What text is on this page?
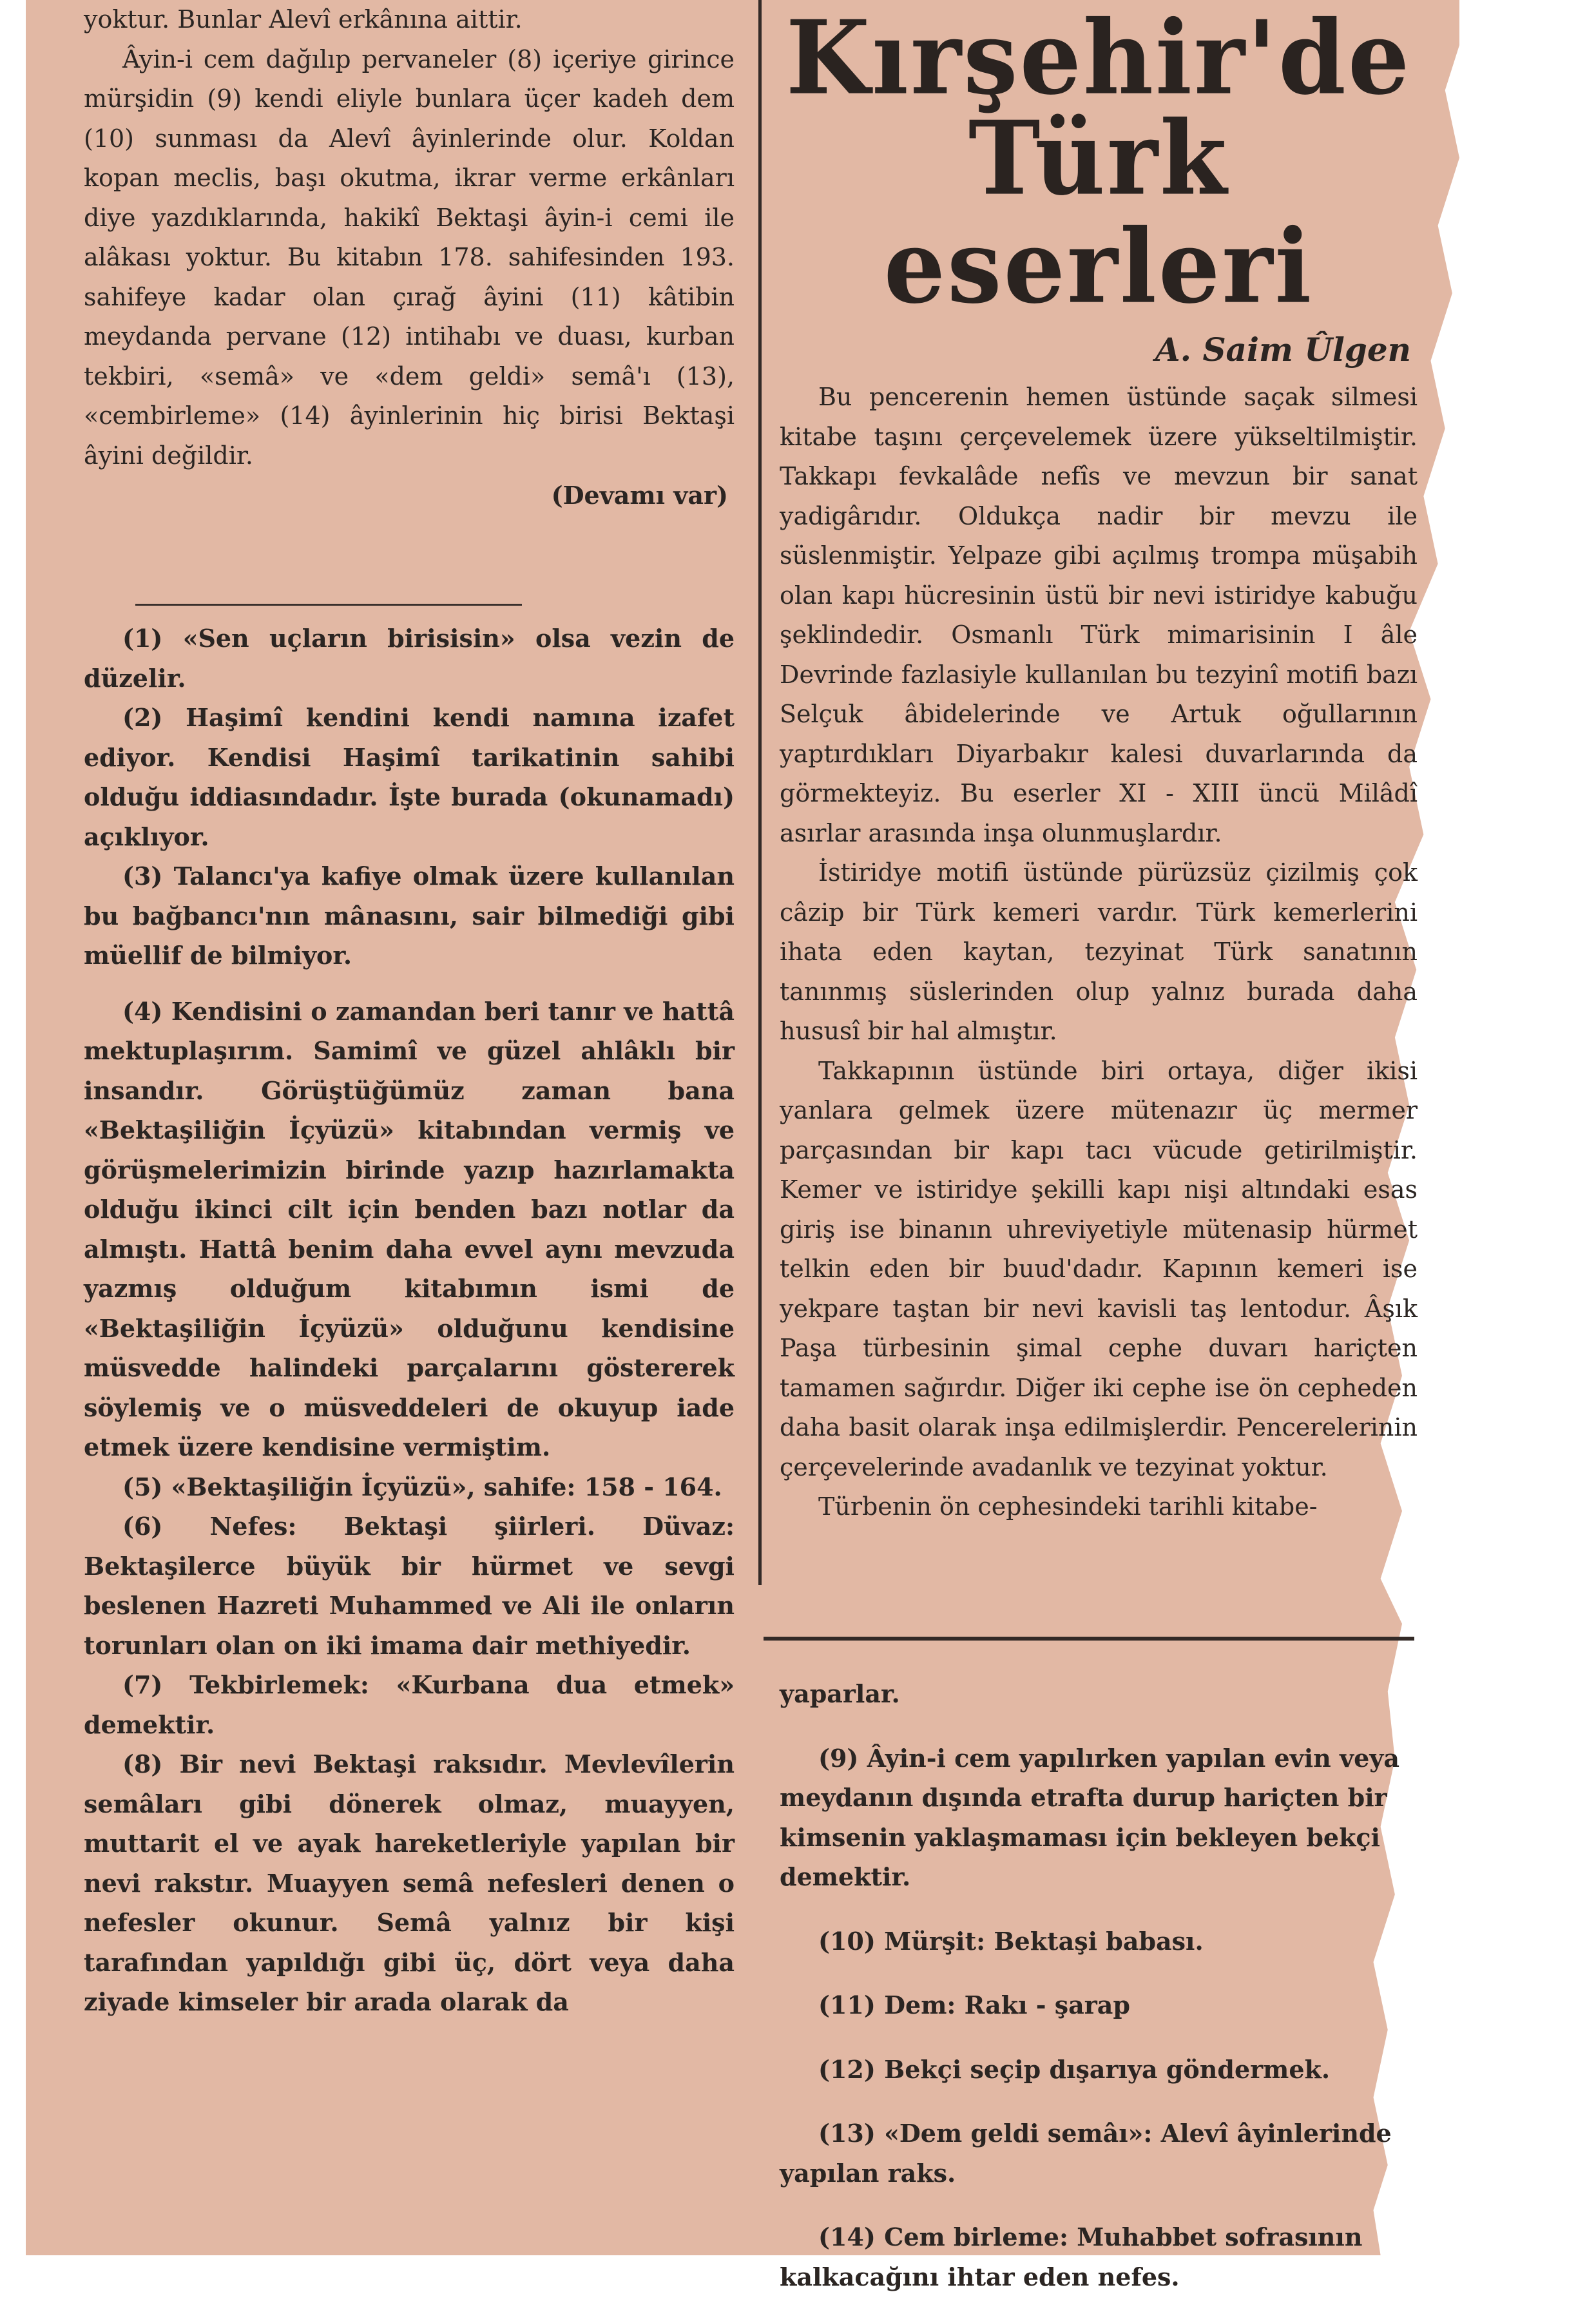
yoktur. Bunlar Alevî erkânına aittir.

Âyin-i cem dağılıp pervaneler (8) içeriye girince mürşidin (9) kendi eliyle bunlara üçer kadeh dem (10) sunması da Alevî âyinlerinde olur. Koldan kopan meclis, başı okutma, ikrar verme erkânları diye yazdıklarında, hakikî Bektaşi âyin-i cemi ile alâkası yoktur. Bu kitabın 178. sahifesinden 193. sahifeye kadar olan çırağ âyini (11) kâtibin meydanda pervane (12) intihabı ve duası, kurban tekbiri, «semâ» ve «dem geldi» semâ'ı (13), «cembirleme» (14) âyinlerinin hiç birisi Bektaşi âyini değildir.

(Devamı var)

(1) «Sen uçların birisisin» olsa vezin de düzelir.

(2) Haşimî kendini kendi namına izafet ediyor. Kendisi Haşimî tarikatinin sahibi olduğu iddiasındadır. İşte burada (okunamadı) açıklıyor.

(3) Talancı'ya kafiye olmak üzere kullanılan bu bağbancı'nın mânasını, sair bilmediği gibi müellif de bilmiyor.

(4) Kendisini o zamandan beri tanır ve hattâ mektuplaşırım. Samimî ve güzel ahlâklı bir insandır. Görüştüğümüz zaman bana «Bektaşiliğin İçyüzü» kitabından vermiş ve görüşmelerimizin birinde yazıp hazırlamakta olduğu ikinci cilt için benden bazı notlar da almıştı. Hattâ benim daha evvel aynı mevzuda yazmış olduğum kitabımın ismi de «Bektaşiliğin İçyüzü» olduğunu kendisine müsvedde halindeki parçalarını göstererek söylemiş ve o müsveddeleri de okuyup iade etmek üzere kendisine vermiştim.

(5) «Bektaşiliğin İçyüzü», sahife: 158 - 164.

(6) Nefes: Bektaşi şiirleri. Düvaz: Bektaşilerce büyük bir hürmet ve sevgi beslenen Hazreti Muhammed ve Ali ile onların torunları olan on iki imama dair methiyedir.

(7) Tekbirlemek: «Kurbana dua etmek» demektir.

(8) Bir nevi Bektaşi raksıdır. Mevlevîlerin semâları gibi dönerek olmaz, muayyen, muttarit el ve ayak hareketleriyle yapılan bir nevi rakstır. Muayyen semâ nefesleri denen o nefesler okunur. Semâ yalnız bir kişi tarafından yapıldığı gibi üç, dört veya daha ziyade kimseler bir arada olarak da

Kırşehir'de
Türk eserleri
A. Saim Ûlgen

Bu pencerenin hemen üstünde saçak silmesi kitabe taşını çerçevelemek üzere yükseltilmiştir. Takkapı fevkalâde nefîs ve mevzun bir sanat yadigârıdır. Oldukça nadir bir mevzu ile süslenmiştir. Yelpaze gibi açılmış trompa müşabih olan kapı hücresinin üstü bir nevi istiridye kabuğu şeklindedir. Osmanlı Türk mimarisinin I âle Devrinde fazlasiyle kullanılan bu tezyinî motifi bazı Selçuk âbidelerinde ve Artuk oğullarının yaptırdıkları Diyarbakır kalesi duvarlarında da görmekteyiz. Bu eserler XI - XIII üncü Milâdî asırlar arasında inşa olunmuşlardır.

İstiridye motifi üstünde pürüzsüz çizilmiş çok câzip bir Türk kemeri vardır. Türk kemerlerini ihata eden kaytan, tezyinat Türk sanatının tanınmış süslerinden olup yalnız burada daha hususî bir hal almıştır.

Takkapının üstünde biri ortaya, diğer ikisi yanlara gelmek üzere mütenazır üç mermer parçasından bir kapı tacı vücude getirilmiştir. Kemer ve istiridye şekilli kapı nişi altındaki esas giriş ise binanın uhreviyetiyle mütenasip hürmet telkin eden bir buud'dadır. Kapının kemeri ise yekpare taştan bir nevi kavisli taş lentodur. Âşık Paşa türbesinin şimal cephe duvarı hariçten tamamen sağırdır. Diğer iki cephe ise ön cepheden daha basit olarak inşa edilmişlerdir. Pencerelerinin çerçevelerinde avadanlık ve tezyinat yoktur.

Türbenin ön cephesindeki tarihli kitabe-

yaparlar.

(9) Âyin-i cem yapılırken yapılan evin veya meydanın dışında etrafta durup hariçten bir kimsenin yaklaşmaması için bekleyen bekçi demektir.

(10) Mürşit: Bektaşi babası.

(11) Dem: Rakı - şarap

(12) Bekçi seçip dışarıya göndermek.

(13) «Dem geldi semâı»: Alevî âyinlerinde yapılan raks.

(14) Cem birleme: Muhabbet sofrasının kalkacağını ihtar eden nefes.
